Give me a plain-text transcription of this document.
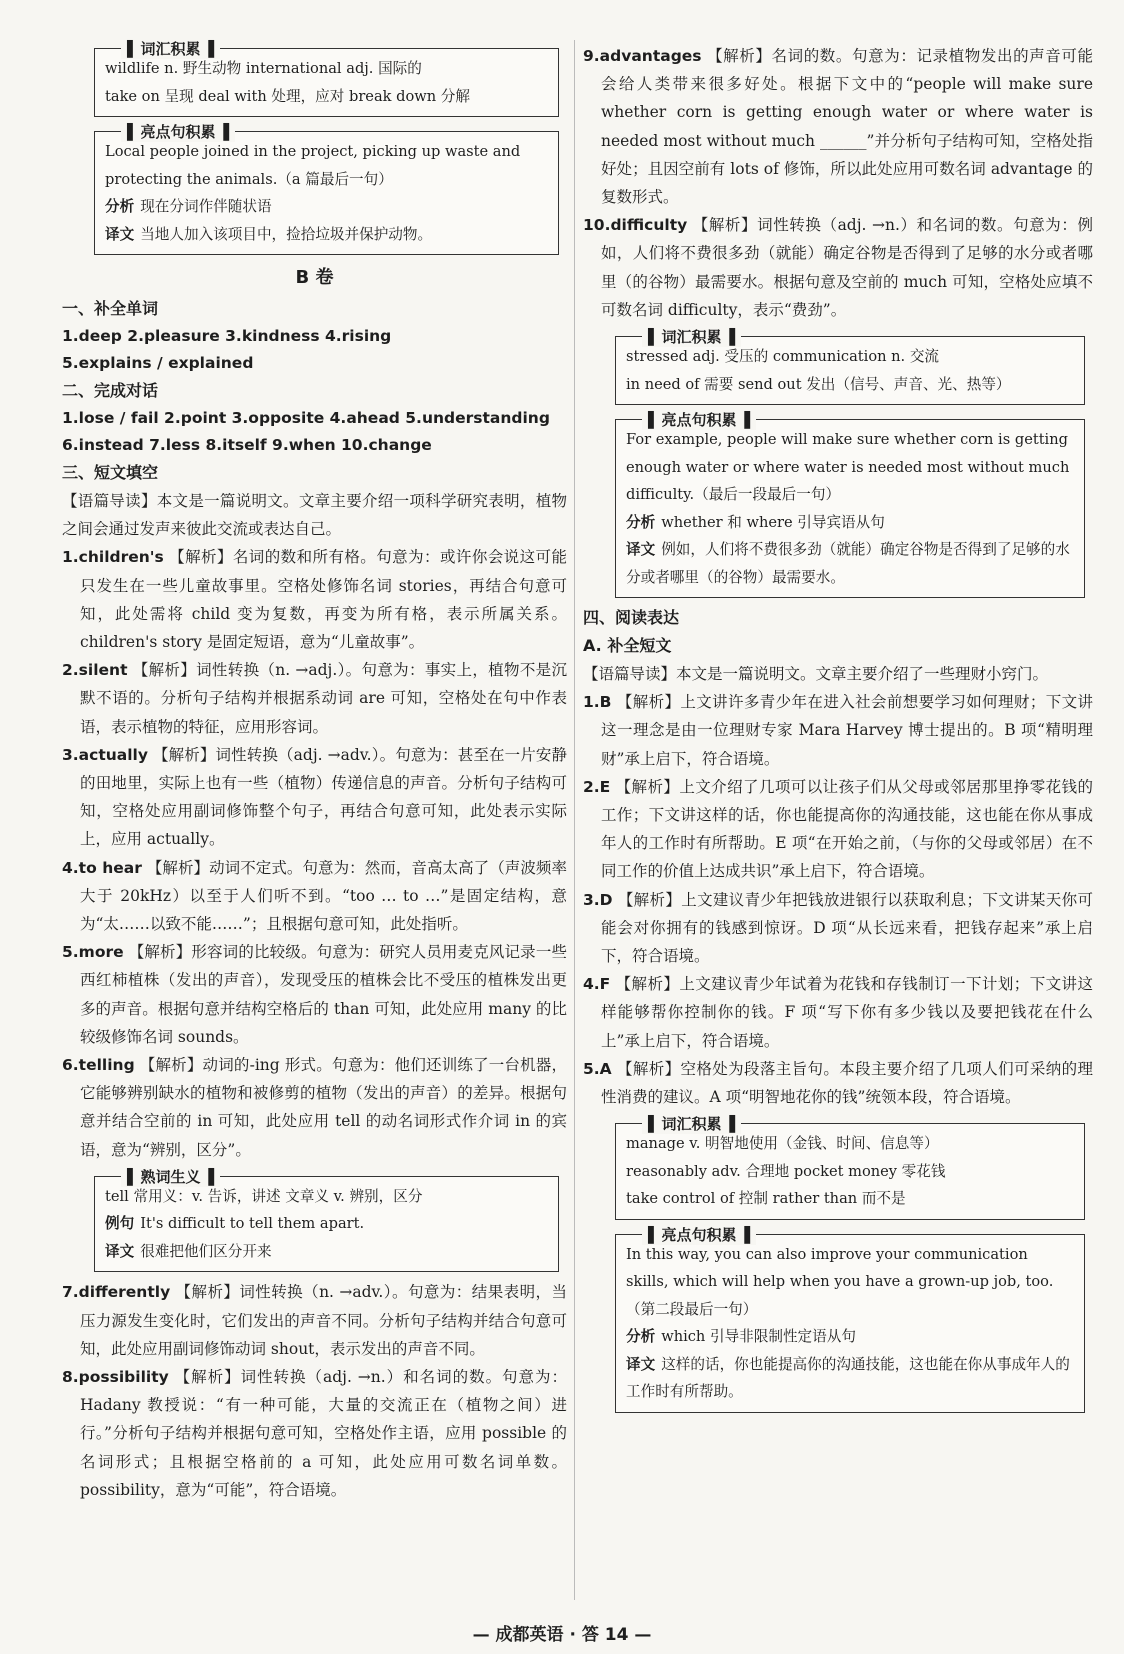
▌ 词汇积累 ▐

wildlife n. 野生动物 international adj. 国际的

take on 呈现 deal with 处理，应对 break down 分解

▌ 亮点句积累 ▐

Local people joined in the project, picking up waste and protecting the animals.（a 篇最后一句）

分析 现在分词作伴随状语

译文 当地人加入该项目中，捡拾垃圾并保护动物。

B 卷

一、补全单词

1.deep 2.pleasure 3.kindness 4.rising

5.explains / explained

二、完成对话

1.lose / fail 2.point 3.opposite 4.ahead 5.understanding

6.instead 7.less 8.itself 9.when 10.change

三、短文填空

【语篇导读】本文是一篇说明文。文章主要介绍一项科学研究表明，植物之间会通过发声来彼此交流或表达自己。

1.children's 【解析】名词的数和所有格。句意为：或许你会说这可能只发生在一些儿童故事里。空格处修饰名词 stories，再结合句意可知，此处需将 child 变为复数，再变为所有格，表示所属关系。children's story 是固定短语，意为“儿童故事”。

2.silent 【解析】词性转换（n. →adj.）。句意为：事实上，植物不是沉默不语的。分析句子结构并根据系动词 are 可知，空格处在句中作表语，表示植物的特征，应用形容词。

3.actually 【解析】词性转换（adj. →adv.）。句意为：甚至在一片安静的田地里，实际上也有一些（植物）传递信息的声音。分析句子结构可知，空格处应用副词修饰整个句子，再结合句意可知，此处表示实际上，应用 actually。

4.to hear 【解析】动词不定式。句意为：然而，音高太高了（声波频率大于 20kHz）以至于人们听不到。“too … to …”是固定结构，意为“太……以致不能……”；且根据句意可知，此处指听。

5.more 【解析】形容词的比较级。句意为：研究人员用麦克风记录一些西红柿植株（发出的声音），发现受压的植株会比不受压的植株发出更多的声音。根据句意并结构空格后的 than 可知，此处应用 many 的比较级修饰名词 sounds。

6.telling 【解析】动词的-ing 形式。句意为：他们还训练了一台机器，它能够辨别缺水的植物和被修剪的植物（发出的声音）的差异。根据句意并结合空前的 in 可知，此处应用 tell 的动名词形式作介词 in 的宾语，意为“辨别，区分”。

▌ 熟词生义 ▐

tell 常用义：v. 告诉，讲述 文章义 v. 辨别，区分

例句 It's difficult to tell them apart.

译文 很难把他们区分开来

7.differently 【解析】词性转换（n. →adv.）。句意为：结果表明，当压力源发生变化时，它们发出的声音不同。分析句子结构并结合句意可知，此处应用副词修饰动词 shout，表示发出的声音不同。

8.possibility 【解析】词性转换（adj. →n.）和名词的数。句意为：Hadany 教授说：“有一种可能，大量的交流正在（植物之间）进行。”分析句子结构并根据句意可知，空格处作主语，应用 possible 的名词形式；且根据空格前的 a 可知，此处应用可数名词单数。possibility，意为“可能”，符合语境。

9.advantages 【解析】名词的数。句意为：记录植物发出的声音可能会给人类带来很多好处。根据下文中的“people will make sure whether corn is getting enough water or where water is needed most without much ______”并分析句子结构可知，空格处指好处；且因空前有 lots of 修饰，所以此处应用可数名词 advantage 的复数形式。

10.difficulty 【解析】词性转换（adj. →n.）和名词的数。句意为：例如，人们将不费很多劲（就能）确定谷物是否得到了足够的水分或者哪里（的谷物）最需要水。根据句意及空前的 much 可知，空格处应填不可数名词 difficulty，表示“费劲”。

▌ 词汇积累 ▐

stressed adj. 受压的 communication n. 交流

in need of 需要 send out 发出（信号、声音、光、热等）

▌ 亮点句积累 ▐

For example, people will make sure whether corn is getting enough water or where water is needed most without much difficulty.（最后一段最后一句）

分析 whether 和 where 引导宾语从句

译文 例如，人们将不费很多劲（就能）确定谷物是否得到了足够的水分或者哪里（的谷物）最需要水。

四、阅读表达

A. 补全短文

【语篇导读】本文是一篇说明文。文章主要介绍了一些理财小窍门。

1.B 【解析】上文讲许多青少年在进入社会前想要学习如何理财；下文讲这一理念是由一位理财专家 Mara Harvey 博士提出的。B 项“精明理财”承上启下，符合语境。

2.E 【解析】上文介绍了几项可以让孩子们从父母或邻居那里挣零花钱的工作；下文讲这样的话，你也能提高你的沟通技能，这也能在你从事成年人的工作时有所帮助。E 项“在开始之前，（与你的父母或邻居）在不同工作的价值上达成共识”承上启下，符合语境。

3.D 【解析】上文建议青少年把钱放进银行以获取利息；下文讲某天你可能会对你拥有的钱感到惊讶。D 项“从长远来看，把钱存起来”承上启下，符合语境。

4.F 【解析】上文建议青少年试着为花钱和存钱制订一下计划；下文讲这样能够帮你控制你的钱。F 项“写下你有多少钱以及要把钱花在什么上”承上启下，符合语境。

5.A 【解析】空格处为段落主旨句。本段主要介绍了几项人们可采纳的理性消费的建议。A 项“明智地花你的钱”统领本段，符合语境。

▌ 词汇积累 ▐

manage v. 明智地使用（金钱、时间、信息等）

reasonably adv. 合理地 pocket money 零花钱

take control of 控制 rather than 而不是

▌ 亮点句积累 ▐

In this way, you can also improve your communication skills, which will help when you have a grown-up job, too.（第二段最后一句）

分析 which 引导非限制性定语从句

译文 这样的话，你也能提高你的沟通技能，这也能在你从事成年人的工作时有所帮助。

— 成都英语 · 答 14 —
